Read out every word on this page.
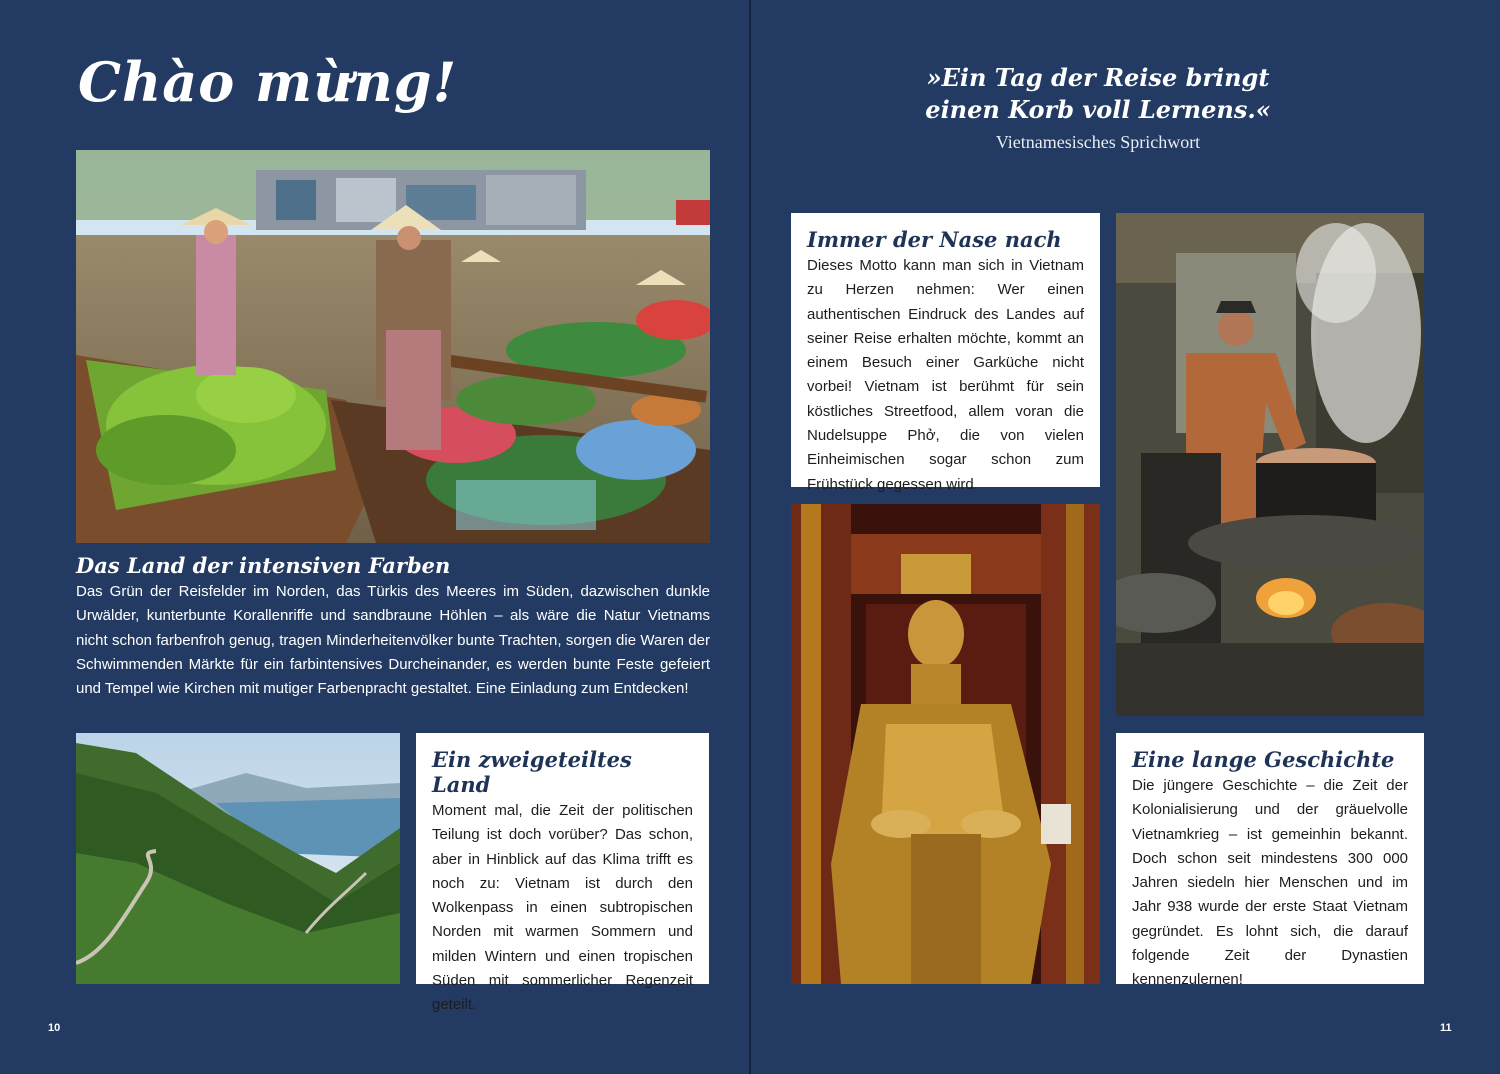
Chào mừng!
Das Land der intensiven Farben

Das Grün der Reisfelder im Norden, das Türkis des Meeres im Süden, dazwischen dunkle Urwälder, kunterbunte Korallenriffe und sandbraune Höhlen – als wäre die Natur Vietnams nicht schon farbenfroh genug, tragen Minderheitenvölker bunte Trachten, sorgen die Waren der Schwimmenden Märkte für ein farbintensives Durcheinander, es werden bunte Feste gefeiert und Tempel wie Kirchen mit mutiger Farbenpracht gestaltet. Eine Einladung zum Entdecken!

Ein zweigeteiltes Land

Moment mal, die Zeit der politischen Teilung ist doch vorüber? Das schon, aber in Hinblick auf das Klima trifft es noch zu: Vietnam ist durch den Wolkenpass in einen subtropischen Norden mit warmen Sommern und milden Wintern und einen tropischen Süden mit sommerlicher Regenzeit geteilt.

10
»Ein Tag der Reise bringt
einen Korb voll Lernens.«
Vietnamesisches Sprichwort
Immer der Nase nach

Dieses Motto kann man sich in Vietnam zu Herzen nehmen: Wer einen authentischen Eindruck des Landes auf seiner Reise erhalten möchte, kommt an einem Besuch einer Garküche nicht vorbei! Vietnam ist berühmt für sein köstliches Streetfood, allem voran die Nudelsuppe Phở, die von vielen Einheimischen sogar schon zum Frühstück gegessen wird.

Eine lange Geschichte

Die jüngere Geschichte – die Zeit der Kolonialisierung und der gräuelvolle Vietnamkrieg – ist gemeinhin bekannt. Doch schon seit mindestens 300 000 Jahren siedeln hier Menschen und im Jahr 938 wurde der erste Staat Vietnam gegründet. Es lohnt sich, die darauf folgende Zeit der Dynastien kennenzulernen!

11
